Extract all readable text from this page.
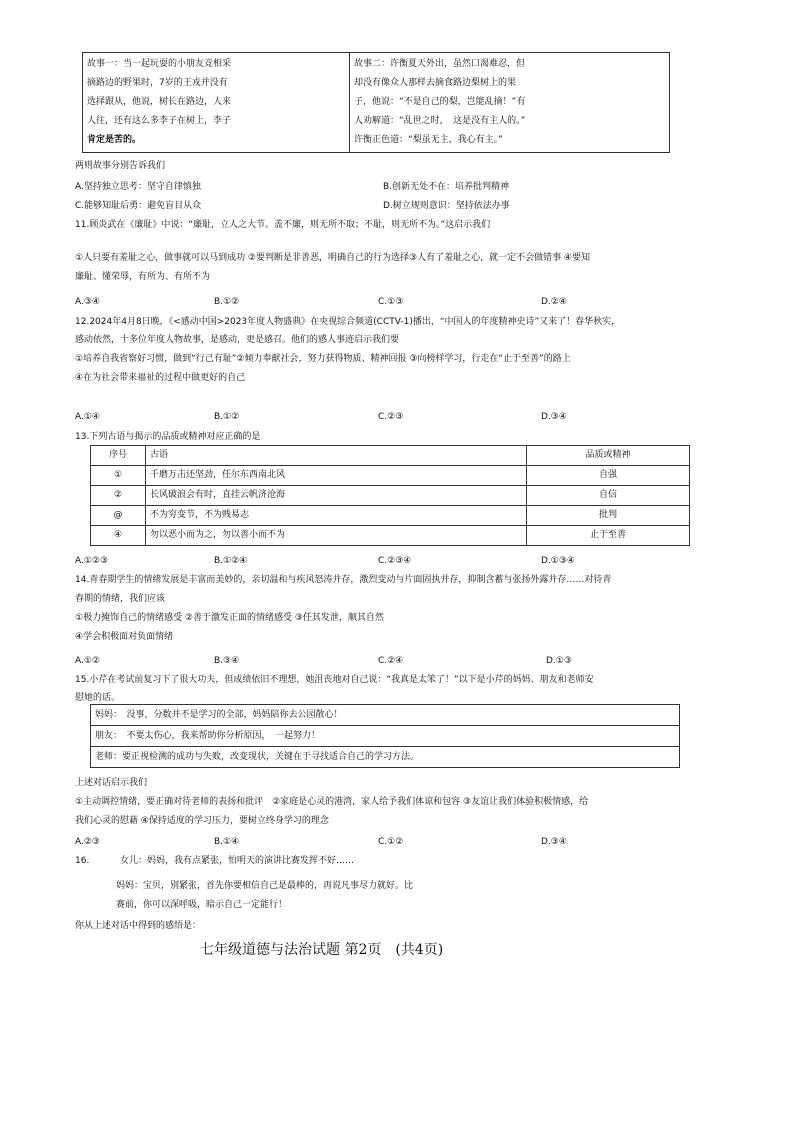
故事一：当一起玩耍的小朋友竞相采
摘路边的野果时，7岁的王戎并没有
选择跟从，他说，树长在路边，人来
人往，还有这么多李子在树上，李子
肯定是苦的。

故事二：许衡夏天外出，虽然口渴难忍，但
却没有像众人那样去摘食路边梨树上的果
子，他说：“不是自己的梨，岂能乱摘！”有
人劝解道：“乱世之时，　这是没有主人的。”
许衡正色道：“梨虽无主，我心有主。”
两则故事分别告诉我们
A.坚持独立思考：坚守自律慎独	B.创新无处不在：培养批判精神
C.能够知耻后勇：避免盲目从众	D.树立规则意识：坚持依法办事
11.顾炎武在《廉耻》中说：“廉耻，立人之大节。盖不廉，则无所不取；不耻，则无所不为。”这启示我们
①人只要有羞耻之心，做事就可以马到成功 ②要判断是非善恶，明确自己的行为选择③人有了羞耻之心，就一定不会做错事 ④要知
廉耻、懂荣辱，有所为、有所不为
A.③④	B.①②	C.①③	D.②④
12.2024年4月8日晚，《<感动中国>2023年度人物盛典》在央视综合频道(CCTV-1)播出，“中国人的年度精神史诗”又来了！春华秋实，
感动依然，十多位年度人物故事，是感动，更是感召。他们的感人事迹启示我们要
①培养自我省察好习惯，做到“行己有耻”②倾力奉献社会，努力获得物质、精神回报 ③向榜样学习，行走在“止于至善”的路上
④在为社会带来福祉的过程中做更好的自己
A.①④	B.①②	C.②③	D.③④
13.下列古语与揭示的品质或精神对应正确的是
序号	古语	品质或精神
①	千磨万击还坚劲，任尔东西南北风	自强
②	长风破浪会有时，直挂云帆济沧海	自信
@	不为穷变节，不为贱易志	批判
④	勿以恶小而为之，勿以善小而不为	止于至善
A.①②③	B.①②④	C.②③④	D.①③④
14.青春期学生的情绪发展是丰富而美妙的，亲切温和与疾风怒涛并存，激烈变动与片面固执并存，抑制含蓄与张扬外露并存……对待青
春期的情绪，我们应该
①极力掩饰自己的情绪感受 ②善于激发正面的情绪感受 ③任其发泄，顺其自然
④学会积极面对负面情绪
A.①②	B.③④	C.②④	D.①③
15.小芹在考试前复习下了很大功夫，但成绩依旧不理想，她沮丧地对自己说：“我真是太笨了！”以下是小芹的妈妈、朋友和老师安
慰她的话。
妈妈：　没事，分数并不是学习的全部，妈妈陪你去公园散心！
朋友：　不要太伤心，我来帮助你分析原因，　一起努力！
老师：要正视检测的成功与失败，改变现状，关键在于寻找适合自己的学习方法。
上述对话启示我们
①主动调控情绪，要正确对待老师的表扬和批评　②家庭是心灵的港湾，家人给予我们体谅和包容 ③友谊让我们体验积极情感，给
我们心灵的慰藉 ④保持适度的学习压力，要树立终身学习的理念
A.②③	B.①④	C.①②	D.③④
16.	女儿：妈妈，我有点紧张，怕明天的演讲比赛发挥不好……
妈妈：宝贝，别紧张，首先你要相信自己是最棒的，再说凡事尽力就好。比
赛前，你可以深呼吸，暗示自己一定能行！
你从上述对话中得到的感悟是：
七年级道德与法治试题 第2页　(共4页)
